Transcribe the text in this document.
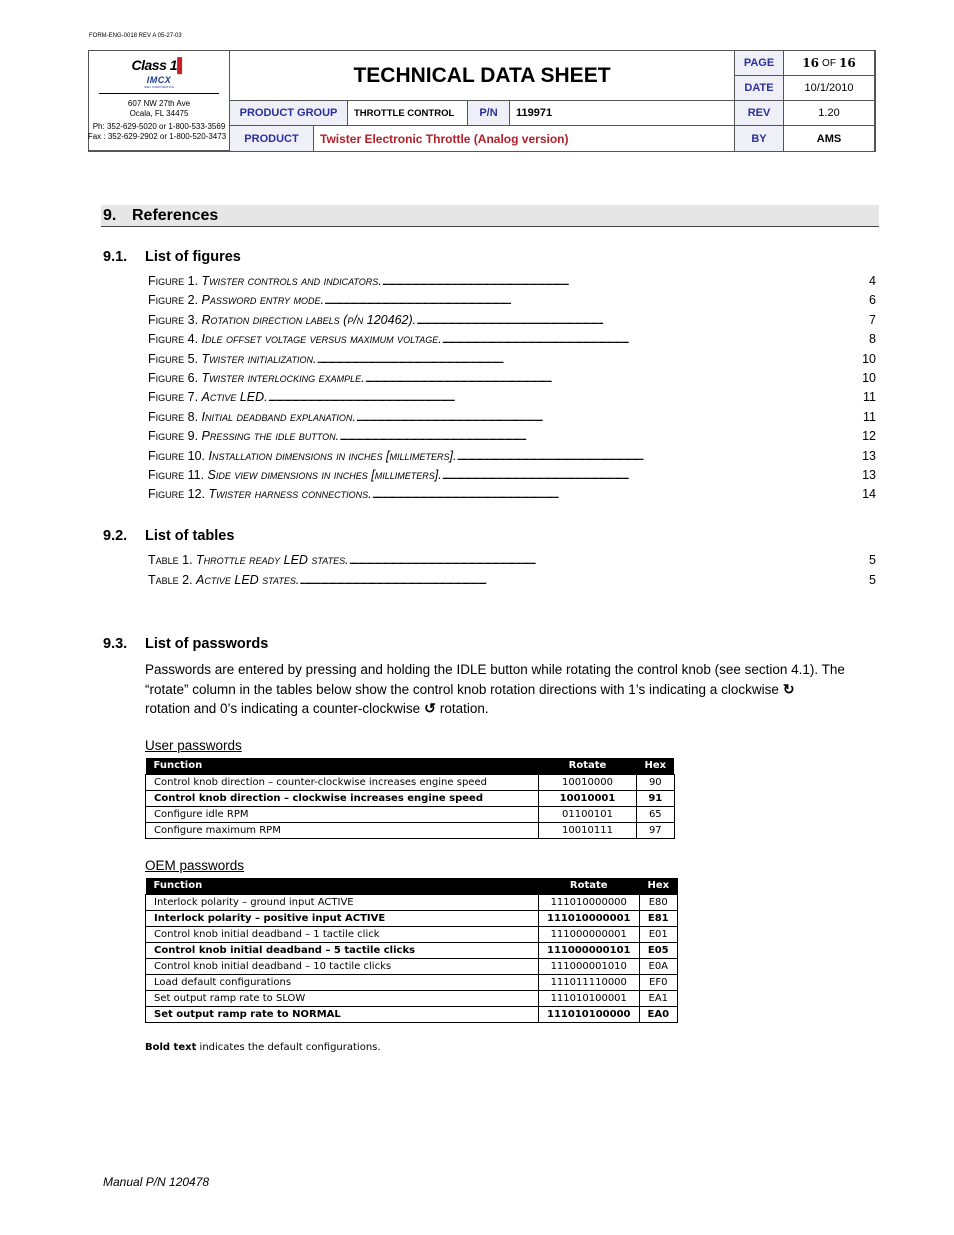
FORM-ENG-0018 REV A 05-27-03
Class 1▌
IMCX
IDEX CORPORATION
607 NW 27th Ave
Ocala, FL 34475
Ph: 352-629-5020 or 1-800-533-3569
Fax : 352-629-2902 or 1-800-520-3473
TECHNICAL DATA SHEET
PAGE	16
OF
16
DATE	10/1/2010
PRODUCT GROUP	THROTTLE CONTROL	P/N	119971	REV	1.20
PRODUCT	Twister Electronic Throttle (Analog version)	BY	AMS
9. References
9.1. List of figures
Figure 1. Twister controls and indicators. . . .	4
Figure 2. Password entry mode. . . .	6
Figure 3. Rotation direction labels (p/n 120462). . . .	7
Figure 4. Idle offset voltage versus maximum voltage. . . .	8
Figure 5. Twister initialization. . . .	10
Figure 6. Twister interlocking example. . . .	10
Figure 7. Active LED. . . .	11
Figure 8. Initial deadband explanation. . . .	11
Figure 9. Pressing the idle button. . . .	12
Figure 10. Installation dimensions in inches [millimeters]. . . .	13
Figure 11. Side view dimensions in inches [millimeters]. . . .	13
Figure 12. Twister harness connections. . . .	14
9.2. List of tables
Table 1. Throttle ready LED states. . . .	5
Table 2. Active LED states. . . .	5
9.3. List of passwords
Passwords are entered by pressing and holding the IDLE button while rotating the control knob (see section 4.1). The “rotate” column in the tables below show the control knob rotation directions with 1’s indicating a clockwise ↻
rotation and 0’s indicating a counter-clockwise ↺ rotation.
User passwords
Function	Rotate	Hex
Control knob direction – counter-clockwise increases engine speed	10010000	90
Control knob direction – clockwise increases engine speed	10010001	91
Configure idle RPM	01100101	65
Configure maximum RPM	10010111	97
OEM passwords
Function	Rotate	Hex
Interlock polarity – ground input ACTIVE	111010000000	E80
Interlock polarity – positive input ACTIVE	111010000001	E81
Control knob initial deadband – 1 tactile click	111000000001	E01
Control knob initial deadband – 5 tactile clicks	111000000101	E05
Control knob initial deadband – 10 tactile clicks	111000001010	E0A
Load default configurations	111011110000	EF0
Set output ramp rate to SLOW	111010100001	EA1
Set output ramp rate to NORMAL	111010100000	EA0
Bold text indicates the default configurations.
Manual P/N 120478
